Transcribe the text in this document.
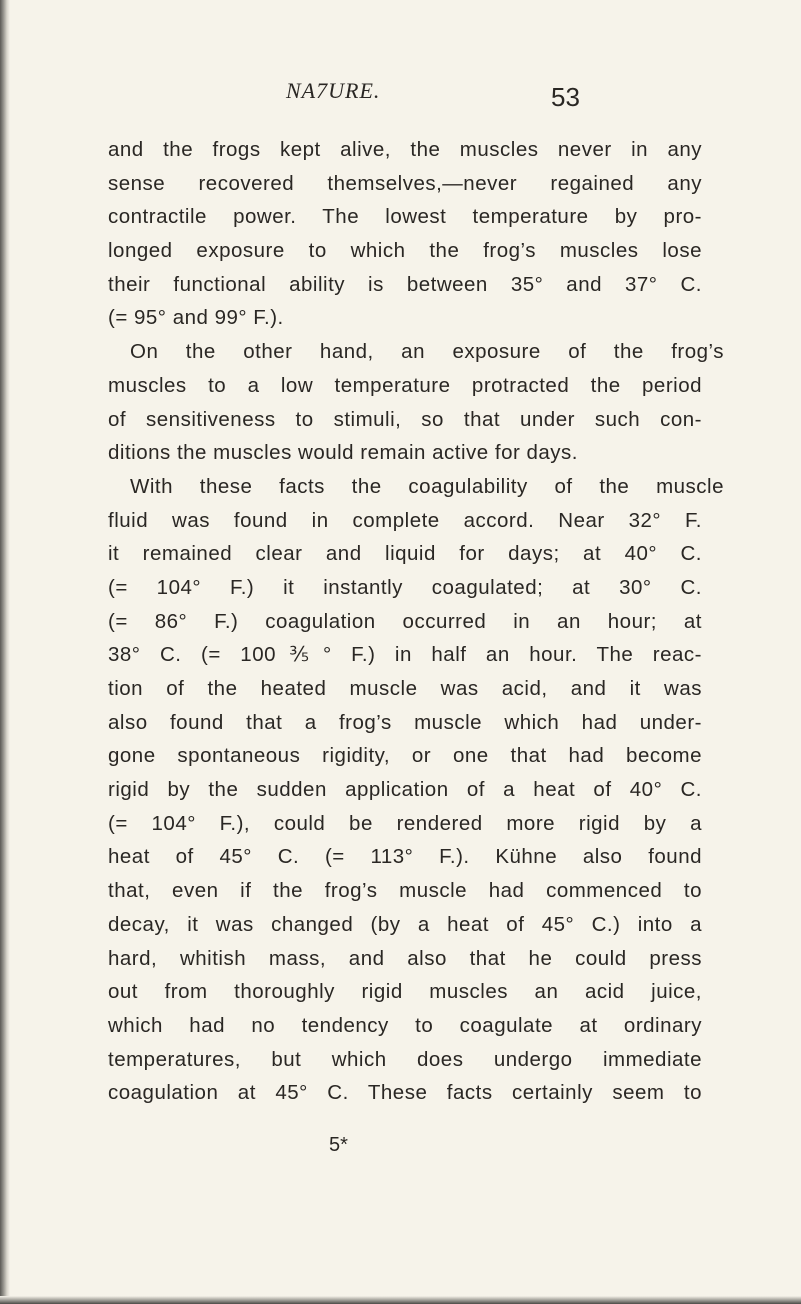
NA7URE.	53
and the frogs kept alive, the muscles never in any
sense recovered themselves,—never regained any
contractile power. The lowest temperature by pro-
longed exposure to which the frog’s muscles lose
their functional ability is between 35° and 37° C.
(= 95° and 99° F.).
On the other hand, an exposure of the frog’s
muscles to a low temperature protracted the period
of sensitiveness to stimuli, so that under such con-
ditions the muscles would remain active for days.
With these facts the coagulability of the muscle
fluid was found in complete accord. Near 32° F.
it remained clear and liquid for days; at 40° C.
(= 104° F.) it instantly coagulated; at 30° C.
(= 86° F.) coagulation occurred in an hour; at
38° C. (= 100⅗° F.) in half an hour. The reac-
tion of the heated muscle was acid, and it was
also found that a frog’s muscle which had under-
gone spontaneous rigidity, or one that had become
rigid by the sudden application of a heat of 40° C.
(= 104° F.), could be rendered more rigid by a
heat of 45° C. (= 113° F.). Kühne also found
that, even if the frog’s muscle had commenced to
decay, it was changed (by a heat of 45° C.) into a
hard, whitish mass, and also that he could press
out from thoroughly rigid muscles an acid juice,
which had no tendency to coagulate at ordinary
temperatures, but which does undergo immediate
coagulation at 45° C. These facts certainly seem to
5*
